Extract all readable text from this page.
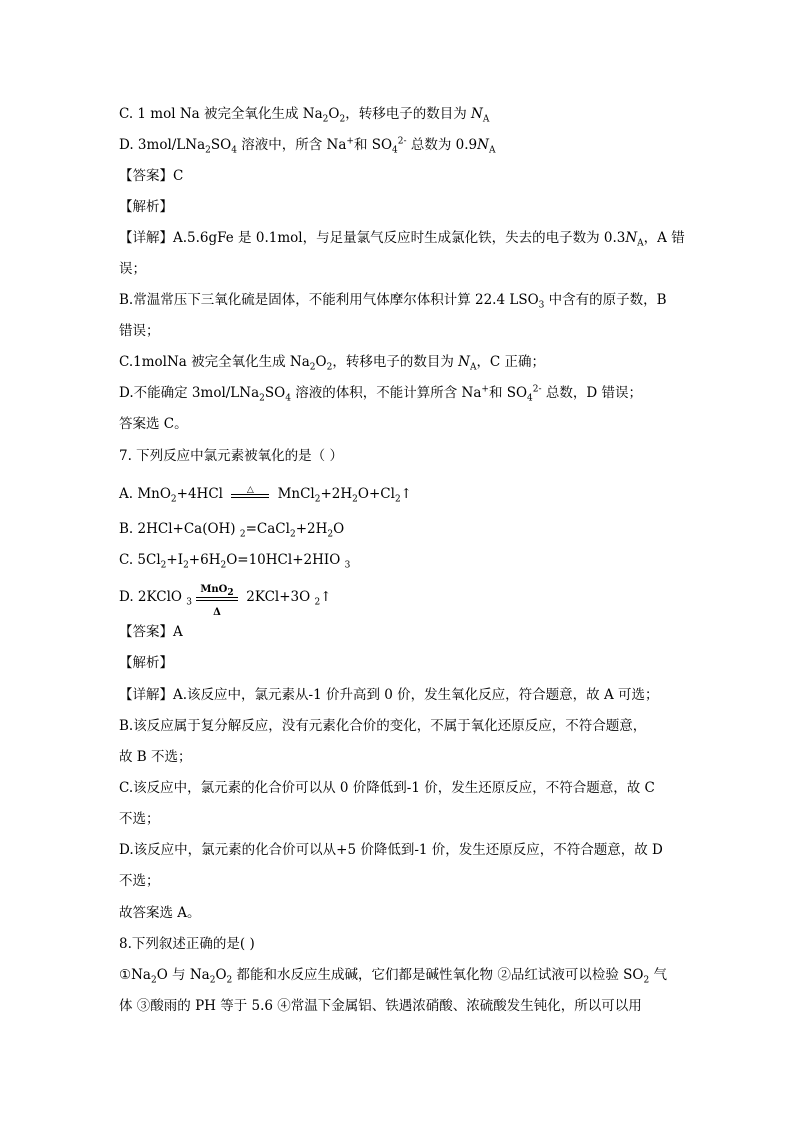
C. 1 mol Na 被完全氧化生成 $Na_2O_2$，转移电子的数目为 $N_A$
D. $3mol/LNa_2SO_4$ 溶液中，所含 Na+和 $SO_4^{2-}$ 总数为 $0.9N_A$
【答案】C
【解析】
【详解】A.5.6gFe 是 0.1mol，与足量氯气反应时生成氯化铁，失去的电子数为 $0.3N_A$，A 错
误；
B.常温常压下三氧化硫是固体，不能利用气体摩尔体积计算 22.4 $LSO_3$ 中含有的原子数，B
错误；
C.1molNa 被完全氧化生成 $Na_2O_2$，转移电子的数目为 $N_A$，C 正确；
D.不能确定 $3mol/LNa_2SO_4$ 溶液的体积，不能计算所含 Na+和 $SO_4^{2-}$ 总数，D 错误；
答案选 C。
7. 下列反应中氯元素被氧化的是（ ）
A. MnO$_2$+4HCl	△	$MnCl_2+2H_2O+Cl_2↑$
B. 2HCl+Ca(OH) $_2=CaCl_2+2H_2O$
C. $5Cl_2+I_2+6H_2O=10HCl+2HIO$ $_3$
D. 2KClO $_3$
MnO$_2$
Δ
2KCl+3O $_2$↑
【答案】A
【解析】
【详解】A.该反应中，氯元素从-1 价升高到 0 价，发生氧化反应，符合题意，故 A 可选；
B.该反应属于复分解反应，没有元素化合价的变化，不属于氧化还原反应，不符合题意，
故 B 不选；
C.该反应中，氯元素的化合价可以从 0 价降低到-1 价，发生还原反应，不符合题意，故 C
不选；
D.该反应中，氯元素的化合价可以从+5 价降低到-1 价，发生还原反应，不符合题意，故 D
不选；
故答案选 A。
8.下列叙述正确的是( )
$①Na_2O$ 与 $Na_2O_2$ 都能和水反应生成碱，它们都是碱性氧化物 ②品红试液可以检验 $SO_2$ 气
体 ③酸雨的 PH 等于 5.6 ④常温下金属铝、铁遇浓硝酸、浓硫酸发生钝化，所以可以用
